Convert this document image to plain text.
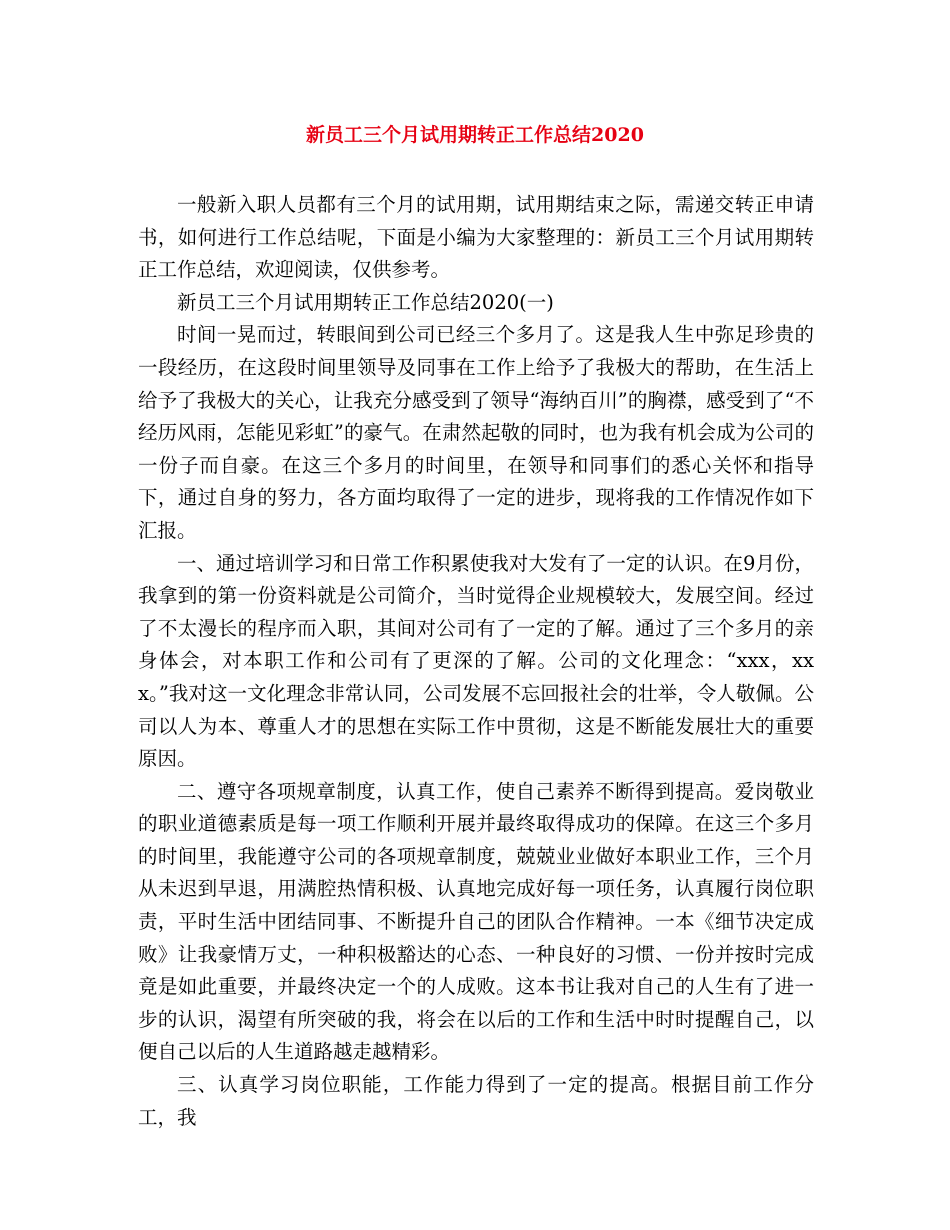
新员工三个月试用期转正工作总结2020

一般新入职人员都有三个月的试用期，试用期结束之际，需递交转正申请书，如何进行工作总结呢，下面是小编为大家整理的：新员工三个月试用期转正工作总结，欢迎阅读，仅供参考。

新员工三个月试用期转正工作总结2020(一)

时间一晃而过，转眼间到公司已经三个多月了。这是我人生中弥足珍贵的一段经历，在这段时间里领导及同事在工作上给予了我极大的帮助，在生活上给予了我极大的关心，让我充分感受到了领导“海纳百川”的胸襟，感受到了“不经历风雨，怎能见彩虹”的豪气。在肃然起敬的同时，也为我有机会成为公司的一份子而自豪。在这三个多月的时间里，在领导和同事们的悉心关怀和指导下，通过自身的努力，各方面均取得了一定的进步，现将我的工作情况作如下汇报。

一、通过培训学习和日常工作积累使我对大发有了一定的认识。在9月份，我拿到的第一份资料就是公司简介，当时觉得企业规模较大，发展空间。经过了不太漫长的程序而入职，其间对公司有了一定的了解。通过了三个多月的亲身体会，对本职工作和公司有了更深的了解。公司的文化理念：“xxx，xxx。”我对这一文化理念非常认同，公司发展不忘回报社会的壮举，令人敬佩。公司以人为本、尊重人才的思想在实际工作中贯彻，这是不断能发展壮大的重要原因。

二、遵守各项规章制度，认真工作，使自己素养不断得到提高。爱岗敬业的职业道德素质是每一项工作顺利开展并最终取得成功的保障。在这三个多月的时间里，我能遵守公司的各项规章制度，兢兢业业做好本职业工作，三个月从未迟到早退，用满腔热情积极、认真地完成好每一项任务，认真履行岗位职责，平时生活中团结同事、不断提升自己的团队合作精神。一本《细节决定成败》让我豪情万丈，一种积极豁达的心态、一种良好的习惯、一份并按时完成竟是如此重要，并最终决定一个的人成败。这本书让我对自己的人生有了进一步的认识，渴望有所突破的我，将会在以后的工作和生活中时时提醒自己，以便自己以后的人生道路越走越精彩。

三、认真学习岗位职能，工作能力得到了一定的提高。根据目前工作分工，我
